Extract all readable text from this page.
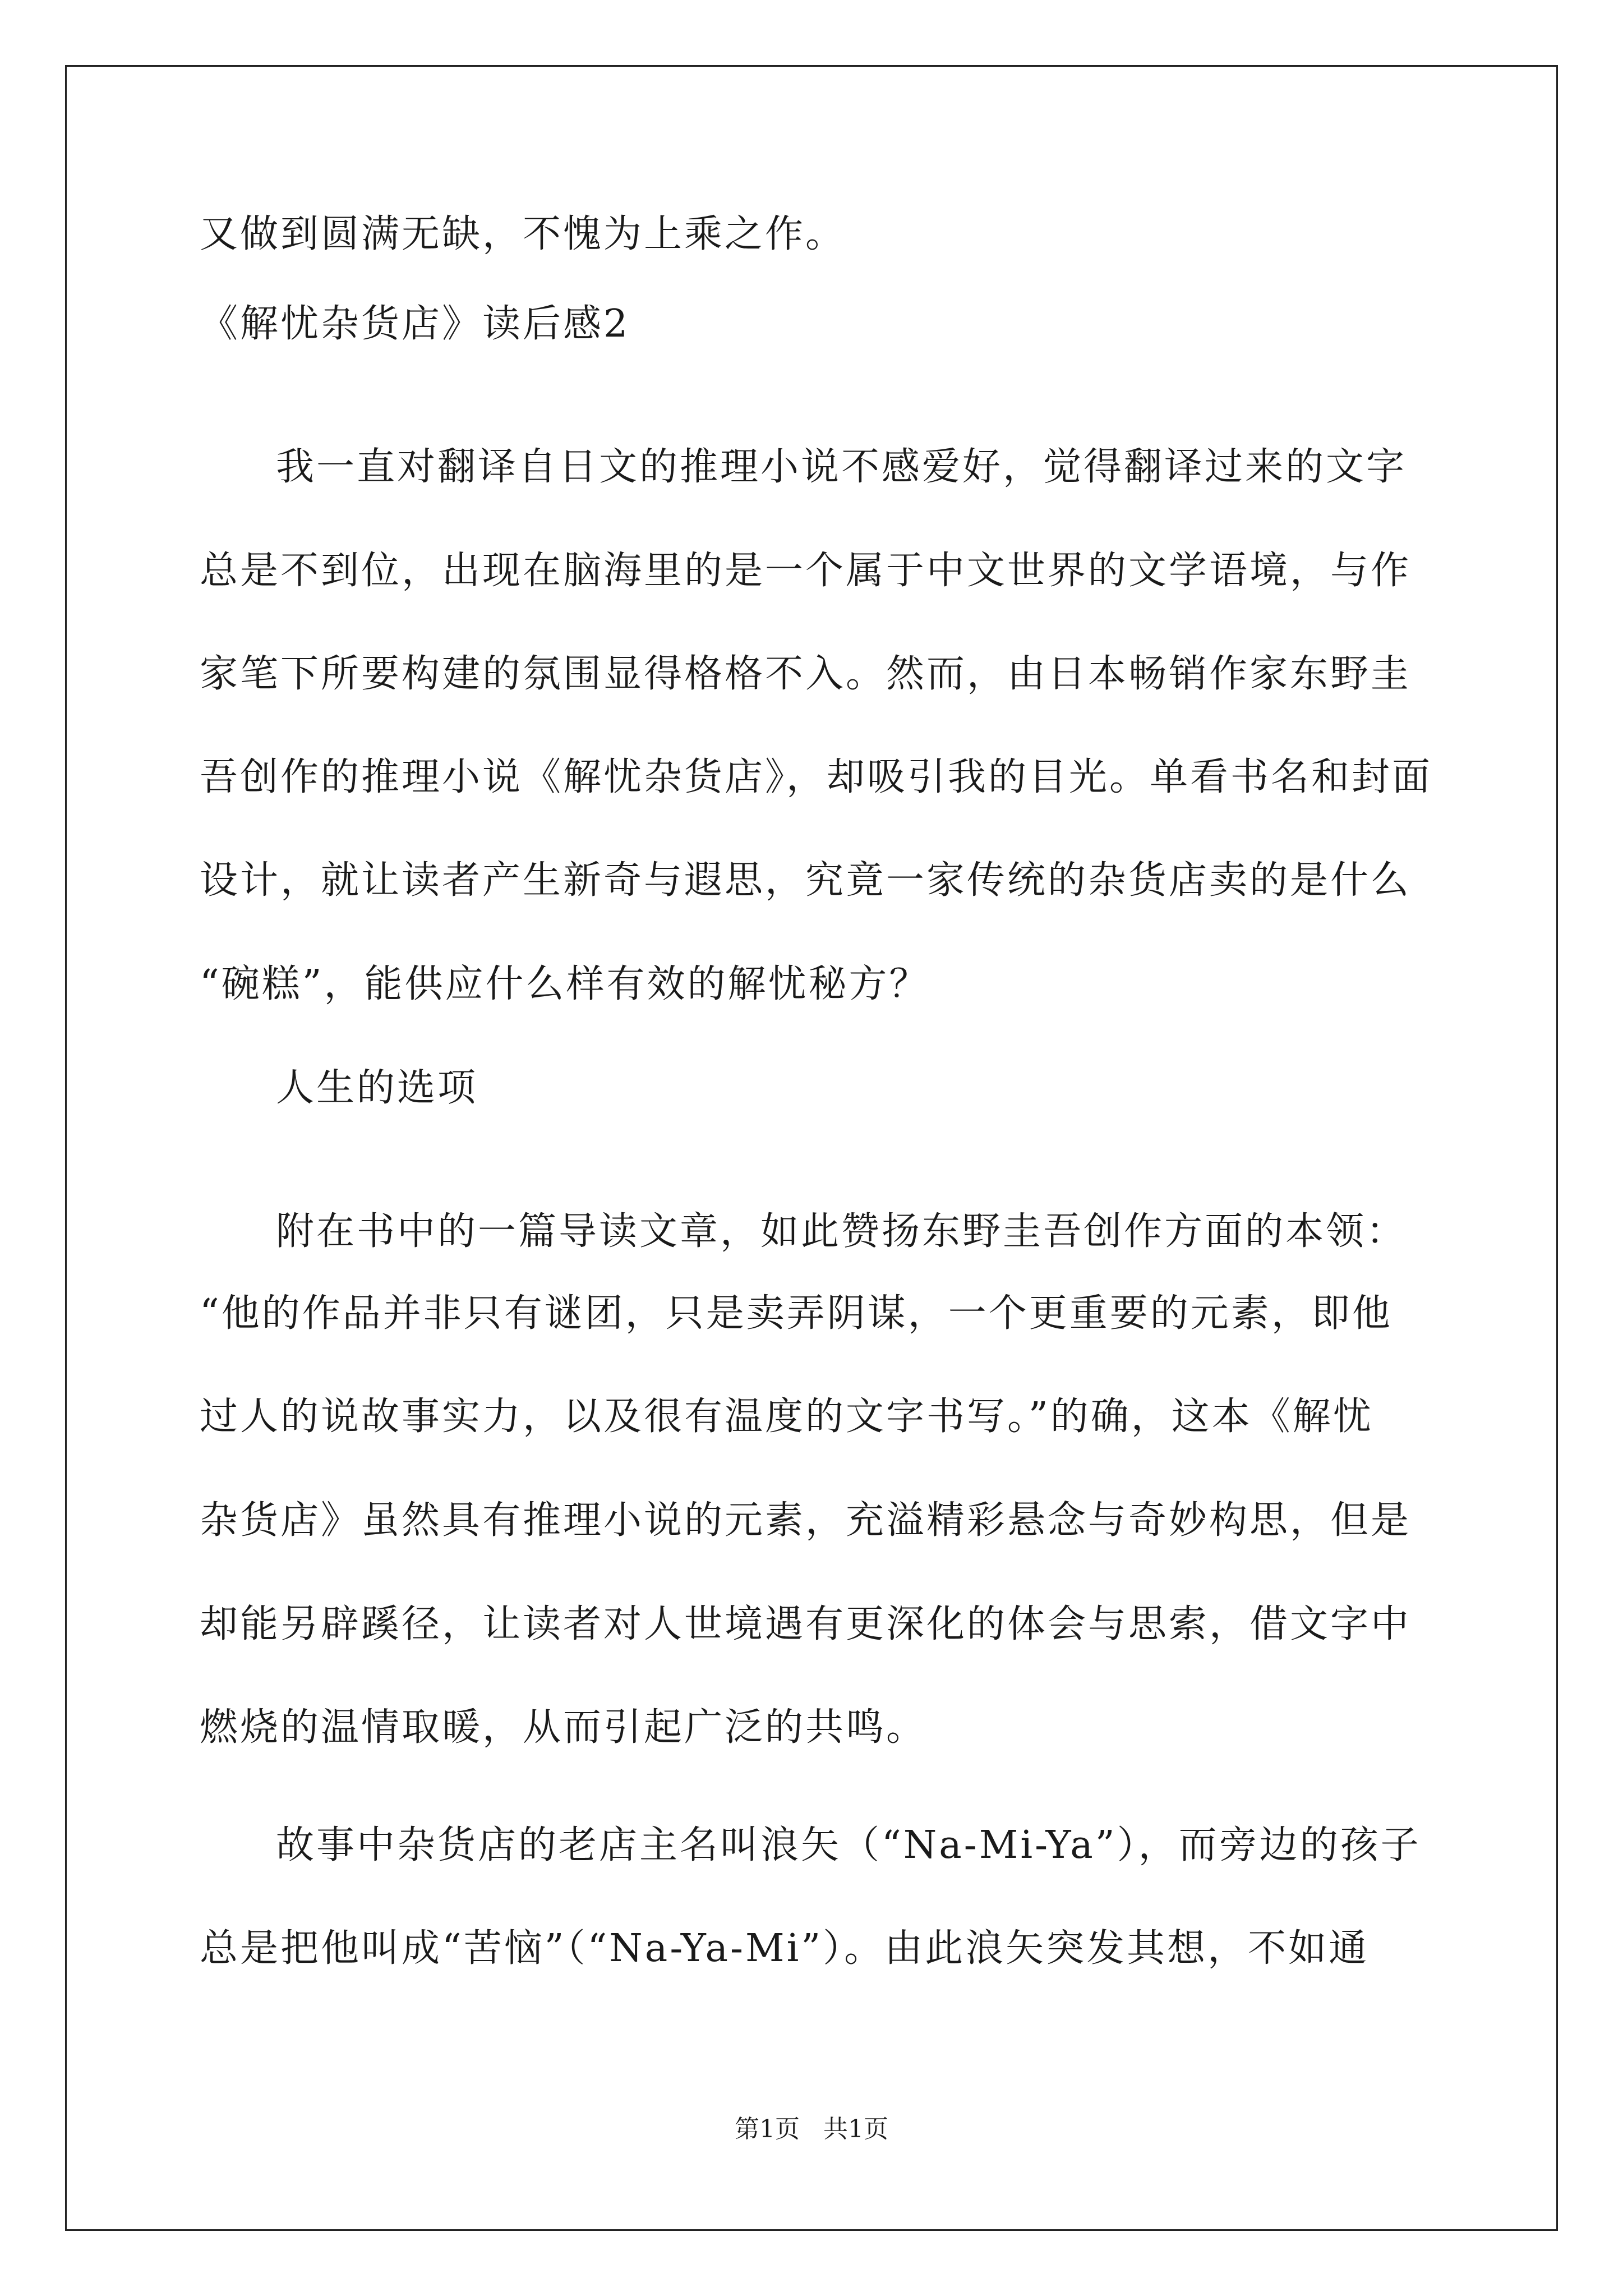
又做到圆满无缺，不愧为上乘之作。
《解忧杂货店》读后感2
我一直对翻译自日文的推理小说不感爱好，觉得翻译过来的文字
总是不到位，出现在脑海里的是一个属于中文世界的文学语境，与作
家笔下所要构建的氛围显得格格不入。然而，由日本畅销作家东野圭
吾创作的推理小说《解忧杂货店》，却吸引我的目光。单看书名和封面
设计，就让读者产生新奇与遐思，究竟一家传统的杂货店卖的是什么
“碗糕”，能供应什么样有效的解忧秘方？
人生的选项
附在书中的一篇导读文章，如此赞扬东野圭吾创作方面的本领：
“他的作品并非只有谜团，只是卖弄阴谋，一个更重要的元素，即他
过人的说故事实力，以及很有温度的文字书写。”的确，这本《解忧
杂货店》虽然具有推理小说的元素，充溢精彩悬念与奇妙构思，但是
却能另辟蹊径，让读者对人世境遇有更深化的体会与思索，借文字中
燃烧的温情取暖，从而引起广泛的共鸣。
故事中杂货店的老店主名叫浪矢（“Na-Mi-Ya”），而旁边的孩子
总是把他叫成“苦恼”（“Na-Ya-Mi”）。由此浪矢突发其想，不如通
第1页   共1页
